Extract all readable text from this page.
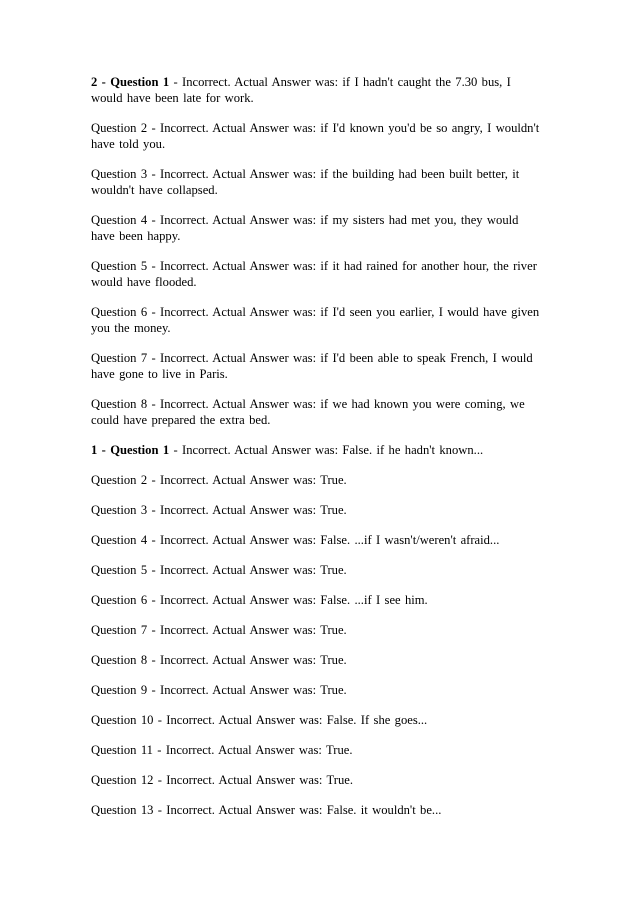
2 - Question 1 - Incorrect. Actual Answer was: if I hadn't caught the 7.30 bus, I would have been late for work.

Question 2 - Incorrect. Actual Answer was: if I'd known you'd be so angry, I wouldn't have told you.

Question 3 - Incorrect. Actual Answer was: if the building had been built better, it wouldn't have collapsed.

Question 4 - Incorrect. Actual Answer was: if my sisters had met you, they would have been happy.

Question 5 - Incorrect. Actual Answer was: if it had rained for another hour, the river would have flooded.

Question 6 - Incorrect. Actual Answer was: if I'd seen you earlier, I would have given you the money.

Question 7 - Incorrect. Actual Answer was: if I'd been able to speak French, I would have gone to live in Paris.

Question 8 - Incorrect. Actual Answer was: if we had known you were coming, we could have prepared the extra bed.

1 - Question 1 - Incorrect. Actual Answer was: False. if he hadn't known...

Question 2 - Incorrect. Actual Answer was: True.

Question 3 - Incorrect. Actual Answer was: True.

Question 4 - Incorrect. Actual Answer was: False. ...if I wasn't/weren't afraid...

Question 5 - Incorrect. Actual Answer was: True.

Question 6 - Incorrect. Actual Answer was: False. ...if I see him.

Question 7 - Incorrect. Actual Answer was: True.

Question 8 - Incorrect. Actual Answer was: True.

Question 9 - Incorrect. Actual Answer was: True.

Question 10 - Incorrect. Actual Answer was: False. If she goes...

Question 11 - Incorrect. Actual Answer was: True.

Question 12 - Incorrect. Actual Answer was: True.

Question 13 - Incorrect. Actual Answer was: False. it wouldn't be...
